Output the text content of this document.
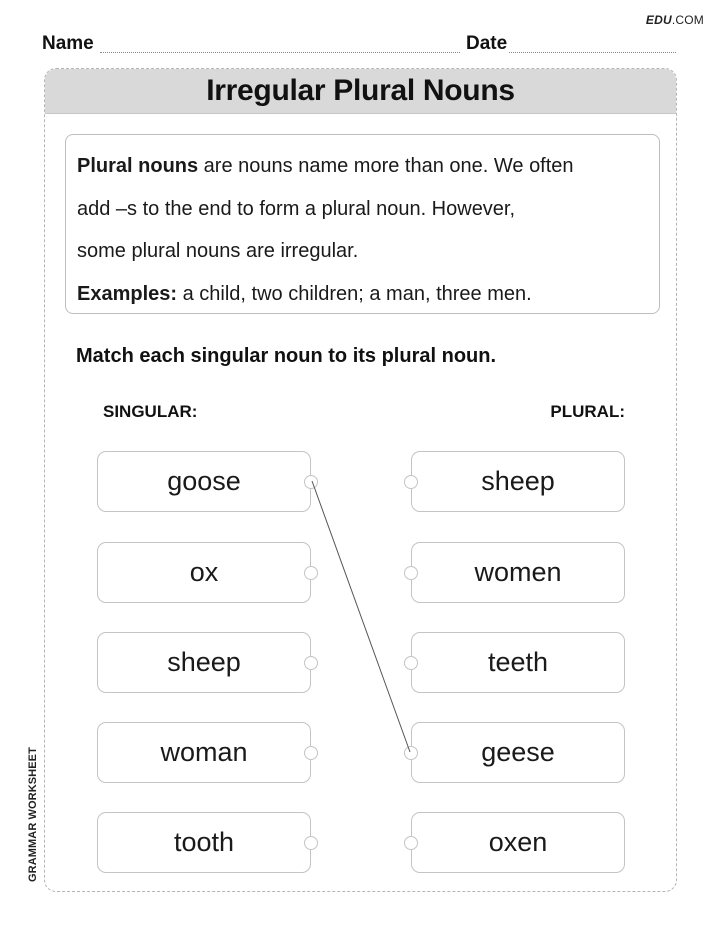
EDU.COM
Name	Date
Irregular Plural Nouns
Plural nouns are nouns name more than one. We often
add –s to the end to form a plural noun. However,
some plural nouns are irregular.
Examples: a child, two children; a man, three men.
Match each singular noun to its plural noun.
SINGULAR:	PLURAL:
goose
ox
sheep
woman
tooth
sheep
women
teeth
geese
oxen
GRAMMAR WORKSHEET
